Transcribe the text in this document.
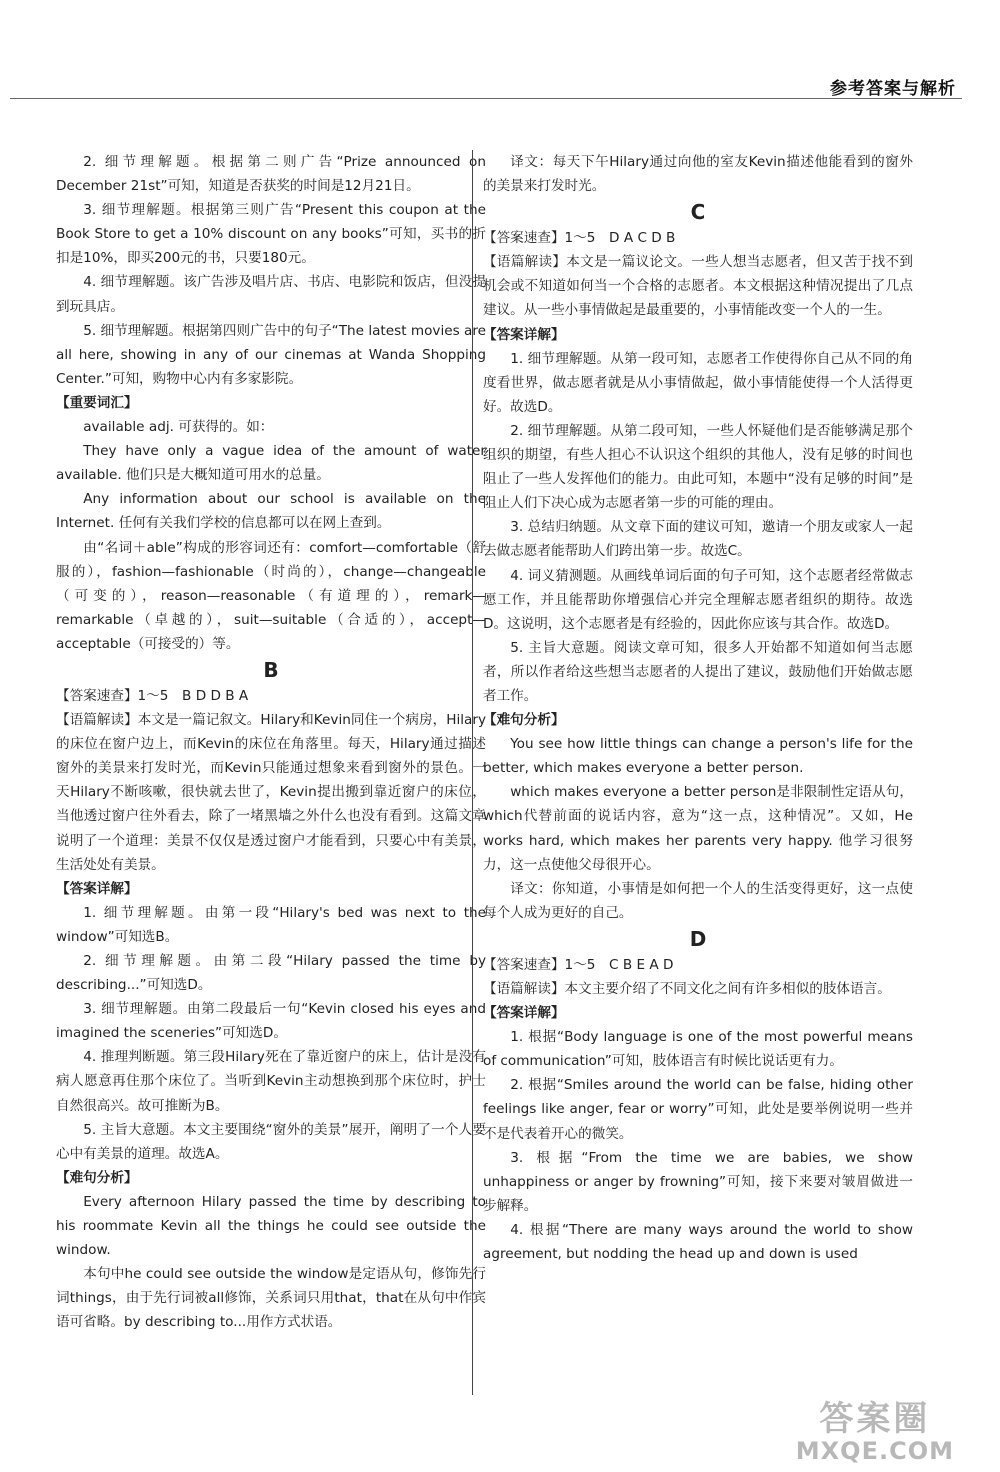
参考答案与解析

2. 细节理解题。根据第二则广告“Prize announced on December 21st”可知，知道是否获奖的时间是12月21日。

3. 细节理解题。根据第三则广告“Present this coupon at the Book Store to get a 10% discount on any books”可知，买书的折扣是10%，即买200元的书，只要180元。

4. 细节理解题。该广告涉及唱片店、书店、电影院和饭店，但没提到玩具店。

5. 细节理解题。根据第四则广告中的句子“The latest movies are all here, showing in any of our cinemas at Wanda Shopping Center.”可知，购物中心内有多家影院。

【重要词汇】

available adj. 可获得的。如：

They have only a vague idea of the amount of water available. 他们只是大概知道可用水的总量。

Any information about our school is available on the Internet. 任何有关我们学校的信息都可以在网上查到。

由“名词＋able”构成的形容词还有：comfort—comfortable（舒服的），fashion—fashionable（时尚的），change—changeable（可变的），reason—reasonable（有道理的），remark—remarkable（卓越的），suit—suitable（合适的），accept—acceptable（可接受的）等。

B

【答案速查】1～5　B D D B A

【语篇解读】本文是一篇记叙文。Hilary和Kevin同住一个病房，Hilary的床位在窗户边上，而Kevin的床位在角落里。每天，Hilary通过描述窗外的美景来打发时光，而Kevin只能通过想象来看到窗外的景色。一天Hilary不断咳嗽，很快就去世了，Kevin提出搬到靠近窗户的床位，当他透过窗户往外看去，除了一堵黑墙之外什么也没有看到。这篇文章说明了一个道理：美景不仅仅是透过窗户才能看到，只要心中有美景，生活处处有美景。

【答案详解】

1. 细节理解题。由第一段“Hilary's bed was next to the window”可知选B。

2. 细节理解题。由第二段“Hilary passed the time by describing...”可知选D。

3. 细节理解题。由第二段最后一句“Kevin closed his eyes and imagined the sceneries”可知选D。

4. 推理判断题。第三段Hilary死在了靠近窗户的床上，估计是没有病人愿意再住那个床位了。当听到Kevin主动想换到那个床位时，护士自然很高兴。故可推断为B。

5. 主旨大意题。本文主要围绕“窗外的美景”展开，阐明了一个人要心中有美景的道理。故选A。

【难句分析】

Every afternoon Hilary passed the time by describing to his roommate Kevin all the things he could see outside the window.

本句中he could see outside the window是定语从句，修饰先行词things，由于先行词被all修饰，关系词只用that，that在从句中作宾语可省略。by describing to...用作方式状语。

译文：每天下午Hilary通过向他的室友Kevin描述他能看到的窗外的美景来打发时光。

C

【答案速查】1～5　D A C D B

【语篇解读】本文是一篇议论文。一些人想当志愿者，但又苦于找不到机会或不知道如何当一个合格的志愿者。本文根据这种情况提出了几点建议。从一些小事情做起是最重要的，小事情能改变一个人的一生。

【答案详解】

1. 细节理解题。从第一段可知，志愿者工作使得你自己从不同的角度看世界，做志愿者就是从小事情做起，做小事情能使得一个人活得更好。故选D。

2. 细节理解题。从第二段可知，一些人怀疑他们是否能够满足那个组织的期望，有些人担心不认识这个组织的其他人，没有足够的时间也阻止了一些人发挥他们的能力。由此可知，本题中“没有足够的时间”是阻止人们下决心成为志愿者第一步的可能的理由。

3. 总结归纳题。从文章下面的建议可知，邀请一个朋友或家人一起去做志愿者能帮助人们跨出第一步。故选C。

4. 词义猜测题。从画线单词后面的句子可知，这个志愿者经常做志愿工作，并且能帮助你增强信心并完全理解志愿者组织的期待。故选D。这说明，这个志愿者是有经验的，因此你应该与其合作。故选D。

5. 主旨大意题。阅读文章可知，很多人开始都不知道如何当志愿者，所以作者给这些想当志愿者的人提出了建议，鼓励他们开始做志愿者工作。

【难句分析】

You see how little things can change a person's life for the better, which makes everyone a better person.

which makes everyone a better person是非限制性定语从句，which代替前面的说话内容，意为“这一点，这种情况”。又如，He works hard, which makes her parents very happy. 他学习很努力，这一点使他父母很开心。

译文：你知道，小事情是如何把一个人的生活变得更好，这一点使每个人成为更好的自己。

D

【答案速查】1～5　C B E A D

【语篇解读】本文主要介绍了不同文化之间有许多相似的肢体语言。

【答案详解】

1. 根据“Body language is one of the most powerful means of communication”可知，肢体语言有时候比说话更有力。

2. 根据“Smiles around the world can be false, hiding other feelings like anger, fear or worry”可知，此处是要举例说明一些并不是代表着开心的微笑。

3. 根据“From the time we are babies, we show unhappiness or anger by frowning”可知，接下来要对皱眉做进一步解释。

4. 根据“There are many ways around the world to show agreement, but nodding the head up and down is used

答案圈
MXQE.COM
